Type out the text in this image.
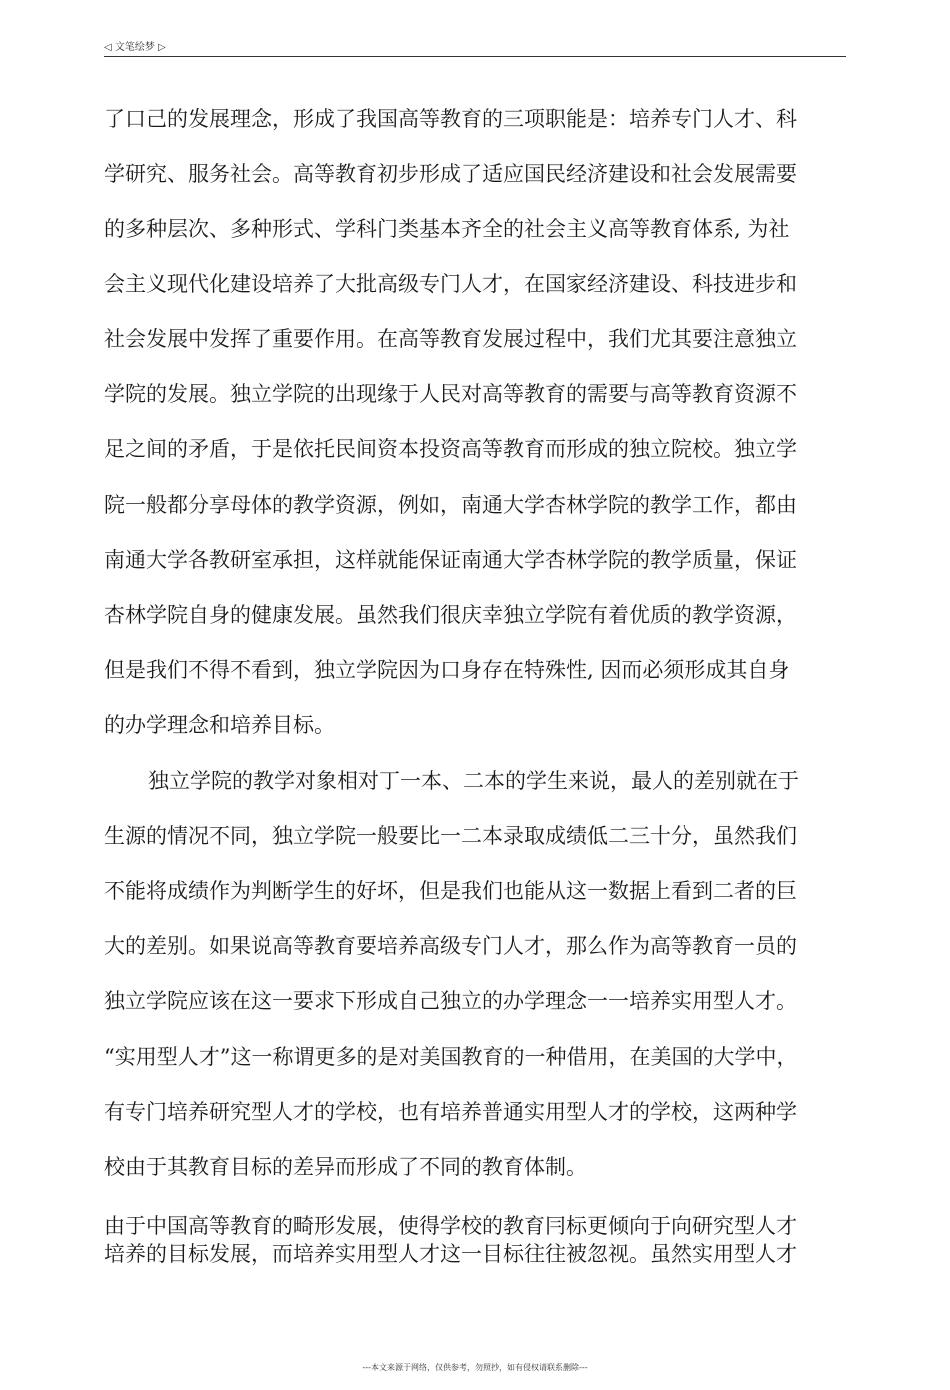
◁ 文笔绘梦 ▷
了口己的发展理念，形成了我国高等教育的三项职能是：培养专门人才、科
学研究、服务社会。高等教育初步形成了适应国民经济建设和社会发展需要
的多种层次、多种形式、学科门类基本齐全的社会主义高等教育体系, 为社
会主义现代化建设培养了大批高级专门人才，在国家经济建设、科技进步和
社会发展中发挥了重要作用。在高等教育发展过程中，我们尤其要注意独立
学院的发展。独立学院的出现缘于人民对高等教育的需要与高等教育资源不
足之间的矛盾，于是依托民间资本投资高等教育而形成的独立院校。独立学
院一般都分享母体的教学资源，例如，南通大学杏林学院的教学工作，都由
南通大学各教研室承担，这样就能保证南通大学杏林学院的教学质量，保证
杏林学院自身的健康发展。虽然我们很庆幸独立学院有着优质的教学资源，
但是我们不得不看到，独立学院因为口身存在特殊性, 因而必须形成其自身
的办学理念和培养目标。
独立学院的教学对象相对丁一本、二本的学生来说，最人的差别就在于
生源的情况不同，独立学院一般要比一二本录取成绩低二三十分，虽然我们
不能将成绩作为判断学生的好坏，但是我们也能从这一数据上看到二者的巨
大的差别。如果说高等教育要培养高级专门人才，那么作为高等教育一员的
独立学院应该在这一要求下形成自己独立的办学理念一一培养实用型人才。
“实用型人才”这一称谓更多的是对美国教育的一种借用，在美国的大学中，
有专门培养研究型人才的学校，也有培养普通实用型人才的学校，这两种学
校由于其教育目标的差异而形成了不同的教育体制。
由于中国高等教育的畸形发展，使得学校的教育冃标更倾向于向研究型人才
培养的目标发展，而培养实用型人才这一目标往往被忽视。虽然实用型人才
---本文来源于网络，仅供参考，勿照抄，如有侵权请联系删除---
